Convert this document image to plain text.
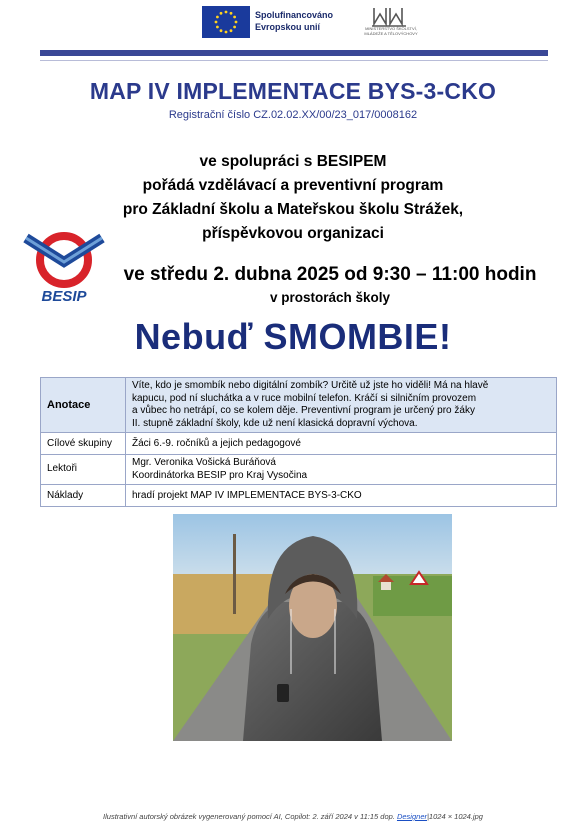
Spolufinancováno
Evropskou unií	MINISTERSTVO ŠKOLSTVÍ, MLÁDEŽE A TĚLOVÝCHOVY
MAP IV IMPLEMENTACE BYS-3-CKO
Registrační číslo CZ.02.02.XX/00/23_017/0008162
ve spolupráci s BESIPEM
pořádá vzdělávací a preventivní program
pro Základní školu a Mateřskou školu Strážek,
příspěvkovou organizaci
BESIP
ve středu 2. dubna 2025 od 9:30 – 11:00 hodin
v prostorách školy
Nebuď SMOMBIE!
Anotace	Víte, kdo je smombík nebo digitální zombík? Určitě už jste ho viděli! Má na hlavě
kapucu, pod ní sluchátka a v ruce mobilní telefon. Kráčí si silničním provozem
a vůbec ho netrápí, co se kolem děje. Preventivní program je určený pro žáky
II. stupně základní školy, kde už není klasická dopravní výchova.

Cílové skupiny	Žáci 6.-9. ročníků a jejich pedagogové
Lektoři	Mgr. Veronika Vošická Buráňová
Koordinátorka BESIP pro Kraj Vysočina

Náklady	hradí projekt MAP IV IMPLEMENTACE BYS-3-CKO
Ilustrativní autorský obrázek vygenerovaný pomocí AI, Copilot: 2. září 2024 v 11:15 dop. Designer|1024 × 1024.jpg
